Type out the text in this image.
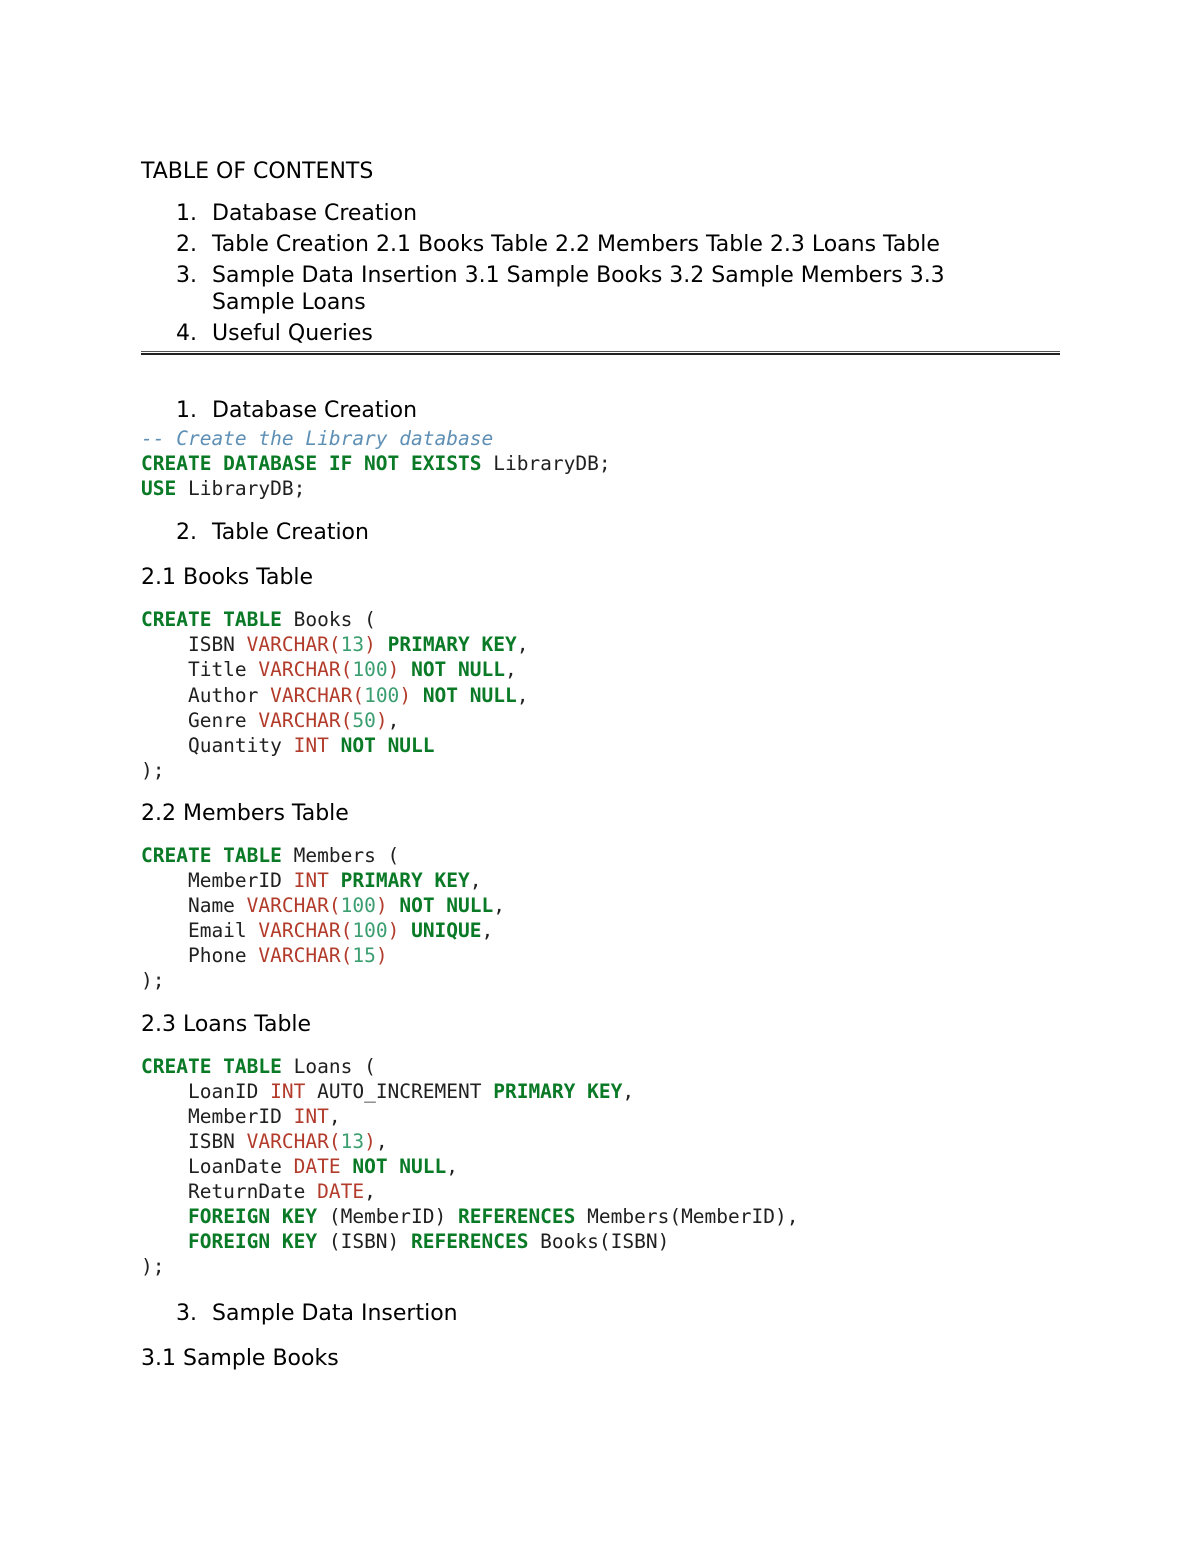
TABLE OF CONTENTS
1. Database Creation
2. Table Creation 2.1 Books Table 2.2 Members Table 2.3 Loans Table
3. Sample Data Insertion 3.1 Sample Books 3.2 Sample Members 3.3 Sample Loans
4. Useful Queries
1. Database Creation
-- Create the Library database
CREATE DATABASE IF NOT EXISTS LibraryDB;
USE LibraryDB;
2. Table Creation
2.1 Books Table
CREATE TABLE Books (
ISBN VARCHAR(13) PRIMARY KEY,
Title VARCHAR(100) NOT NULL,
Author VARCHAR(100) NOT NULL,
Genre VARCHAR(50),
Quantity INT NOT NULL
);
2.2 Members Table
CREATE TABLE Members (
MemberID INT PRIMARY KEY,
Name VARCHAR(100) NOT NULL,
Email VARCHAR(100) UNIQUE,
Phone VARCHAR(15)
);
2.3 Loans Table
CREATE TABLE Loans (
LoanID INT AUTO_INCREMENT PRIMARY KEY,
MemberID INT,
ISBN VARCHAR(13),
LoanDate DATE NOT NULL,
ReturnDate DATE,
FOREIGN KEY (MemberID) REFERENCES Members(MemberID),
FOREIGN KEY (ISBN) REFERENCES Books(ISBN)
);
3. Sample Data Insertion
3.1 Sample Books
